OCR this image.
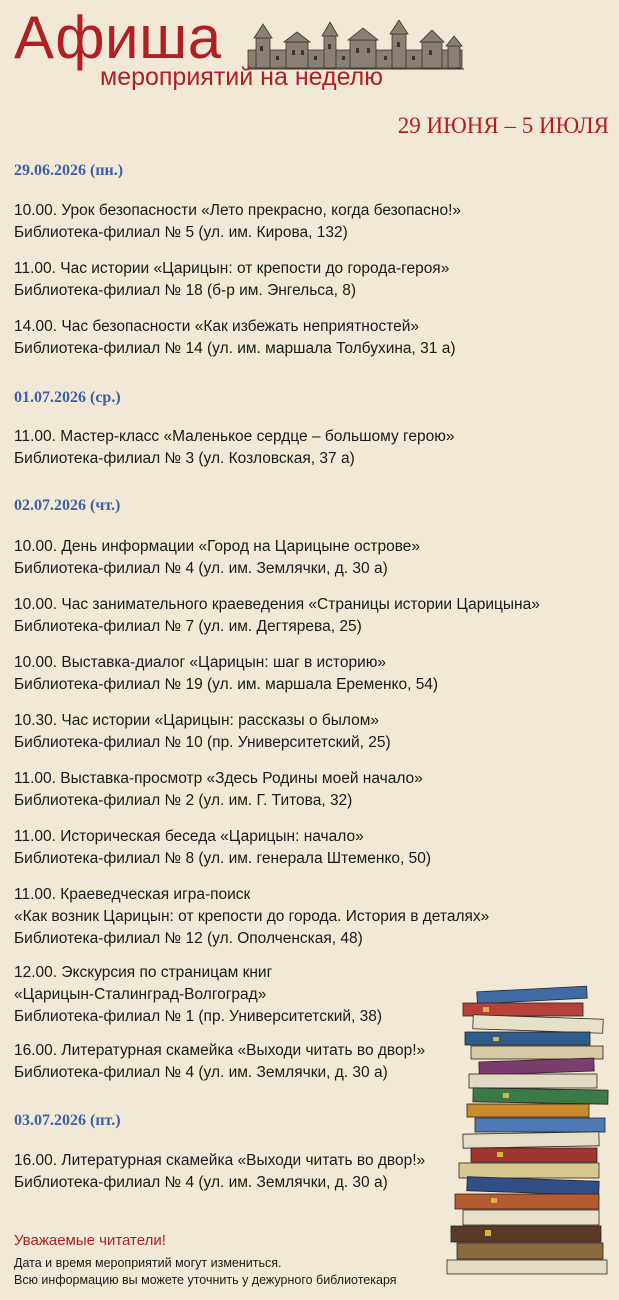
Афиша
мероприятий на неделю
29 ИЮНЯ – 5 ИЮЛЯ
29.06.2026 (пн.)
10.00. Урок безопасности «Лето прекрасно, когда безопасно!»
Библиотека-филиал № 5 (ул. им. Кирова, 132)
11.00. Час истории «Царицын: от крепости до города-героя»
Библиотека-филиал № 18 (б-р им. Энгельса, 8)
14.00. Час безопасности «Как избежать неприятностей»
Библиотека-филиал № 14 (ул. им. маршала Толбухина, 31 а)
01.07.2026 (ср.)
11.00. Мастер-класс «Маленькое сердце – большому герою»
Библиотека-филиал № 3 (ул. Козловская, 37 а)
02.07.2026 (чт.)
10.00. День информации «Город на Царицыне острове»
Библиотека-филиал № 4 (ул. им. Землячки, д. 30 а)
10.00. Час занимательного краеведения «Страницы истории Царицына»
Библиотека-филиал № 7 (ул. им. Дегтярева, 25)
10.00. Выставка-диалог «Царицын: шаг в историю»
Библиотека-филиал № 19 (ул. им. маршала Еременко, 54)
10.30. Час истории «Царицын: рассказы о былом»
Библиотека-филиал № 10 (пр. Университетский, 25)
11.00. Выставка-просмотр «Здесь Родины моей начало»
Библиотека-филиал № 2 (ул. им. Г. Титова, 32)
11.00. Историческая беседа «Царицын: начало»
Библиотека-филиал № 8 (ул. им. генерала Штеменко, 50)
11.00. Краеведческая игра-поиск
«Как возник Царицын: от крепости до города. История в деталях»
Библиотека-филиал № 12 (ул. Ополченская, 48)
12.00. Экскурсия по страницам книг
«Царицын-Сталинград-Волгоград»
Библиотека-филиал № 1 (пр. Университетский, 38)
16.00. Литературная скамейка «Выходи читать во двор!»
Библиотека-филиал № 4 (ул. им. Землячки, д. 30 а)
03.07.2026 (пт.)
16.00. Литературная скамейка «Выходи читать во двор!»
Библиотека-филиал № 4 (ул. им. Землячки, д. 30 а)
Уважаемые читатели!
Дата и время мероприятий могут измениться.
Всю информацию вы можете уточнить у дежурного библиотекаря
